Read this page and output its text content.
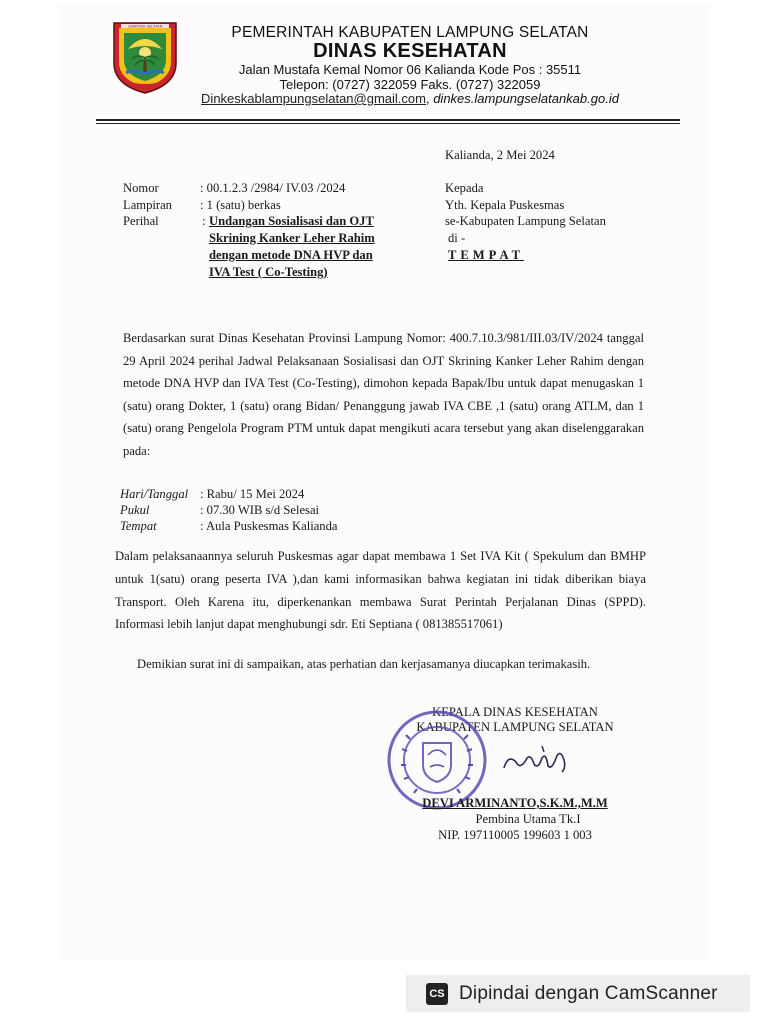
LAMPUNG SELATAN	PEMERINTAH KABUPATEN LAMPUNG SELATAN
DINAS KESEHATAN
Jalan Mustafa Kemal Nomor 06 Kalianda Kode Pos : 35511
Telepon: (0727) 322059 Faks. (0727) 322059
Dinkeskablampungselatan@gmail.com, dinkes.lampungselatankab.go.id
Kalianda, 2 Mei 2024
Nomor	: 00.1.2.3 /2984/ IV.03 /2024
Lampiran : 1 (satu) berkas
Perihal	: Undangan Sosialisasi dan OJT Skrining Kanker Leher Rahim dengan metode DNA HVP dan IVA Test ( Co-Testing)
Kepada
Yth. Kepala Puskesmas
se-Kabupaten Lampung Selatan
di -
TEMPAT
Berdasarkan surat Dinas Kesehatan Provinsi Lampung Nomor: 400.7.10.3/981/III.03/IV/2024 tanggal 29 April 2024 perihal Jadwal Pelaksanaan Sosialisasi dan OJT Skrining Kanker Leher Rahim dengan metode DNA HVP dan IVA Test (Co-Testing), dimohon kepada Bapak/Ibu untuk dapat menugaskan 1 (satu) orang Dokter, 1 (satu) orang Bidan/ Penanggung jawab IVA CBE ,1 (satu) orang ATLM, dan 1 (satu) orang Pengelola Program PTM untuk dapat mengikuti acara tersebut yang akan diselenggarakan pada:
Hari/Tanggal : Rabu/ 15 Mei 2024
Pukul	: 07.30 WIB s/d Selesai
Tempat	: Aula Puskesmas Kalianda
Dalam pelaksanaannya seluruh Puskesmas agar dapat membawa 1 Set IVA Kit ( Spekulum dan BMHP untuk 1(satu) orang peserta IVA ),dan kami informasikan bahwa kegiatan ini tidak diberikan biaya Transport. Oleh Karena itu, diperkenankan membawa Surat Perintah Perjalanan Dinas (SPPD). Informasi lebih lanjut dapat menghubungi sdr. Eti Septiana ( 081385517061)
Demikian surat ini di sampaikan, atas perhatian dan kerjasamanya diucapkan terimakasih.
KEPALA DINAS KESEHATAN
KABUPATEN LAMPUNG SELATAN
DEVI ARMINANTO,S.K.M.,M.M
Pembina Utama Tk.I
NIP. 197110005 199603 1 003
CS Dipindai dengan CamScanner
